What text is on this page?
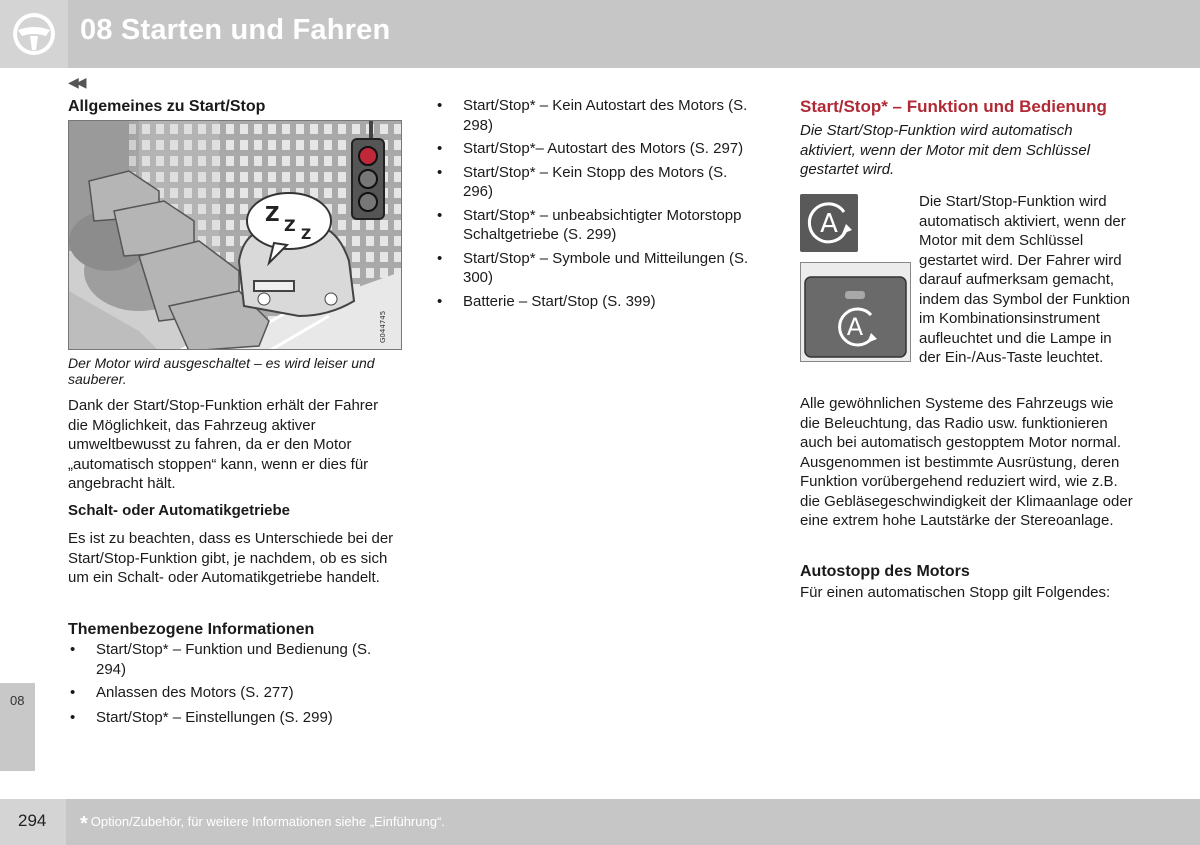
08 Starten und Fahren
◀◀
Allgemeines zu Start/Stop
Z Z Z
G044745
Der Motor wird ausgeschaltet – es wird leiser und sauberer.

Dank der Start/Stop-Funktion erhält der Fahrer die Möglichkeit, das Fahrzeug aktiver umweltbewusst zu fahren, da er den Motor „automatisch stoppen“ kann, wenn er dies für angebracht hält.

Schalt- oder Automatikgetriebe

Es ist zu beachten, dass es Unterschiede bei der Start/Stop-Funktion gibt, je nachdem, ob es sich um ein Schalt- oder Automatikgetriebe handelt.

Themenbezogene Informationen
• Start/Stop* – Funktion und Bedienung (S. 294)
• Anlassen des Motors (S. 277)
• Start/Stop* – Einstellungen (S. 299)
• Start/Stop* – Kein Autostart des Motors (S. 298)
• Start/Stop*– Autostart des Motors (S. 297)
• Start/Stop* – Kein Stopp des Motors (S. 296)
• Start/Stop* – unbeabsichtigter Motorstopp Schaltgetriebe (S. 299)
• Start/Stop* – Symbole und Mitteilungen (S. 300)
• Batterie – Start/Stop (S. 399)
Start/Stop* – Funktion und Bedienung

Die Start/Stop-Funktion wird automatisch aktiviert, wenn der Motor mit dem Schlüssel gestartet wird.

A
A

Die Start/Stop-Funktion wird automatisch aktiviert, wenn der Motor mit dem Schlüssel gestartet wird. Der Fahrer wird darauf aufmerksam gemacht, indem das Symbol der Funktion im Kombinationsinstrument aufleuchtet und die Lampe in der Ein-/Aus-Taste leuchtet.

Alle gewöhnlichen Systeme des Fahrzeugs wie die Beleuchtung, das Radio usw. funktionieren auch bei automatisch gestopptem Motor normal. Ausgenommen ist bestimmte Ausrüstung, deren Funktion vorübergehend reduziert wird, wie z.B. die Gebläsegeschwindigkeit der Klimaanlage oder eine extrem hohe Lautstärke der Stereoanlage.

Autostopp des Motors

Für einen automatischen Stopp gilt Folgendes:

08
294 * Option/Zubehör, für weitere Informationen siehe „Einführung“.
